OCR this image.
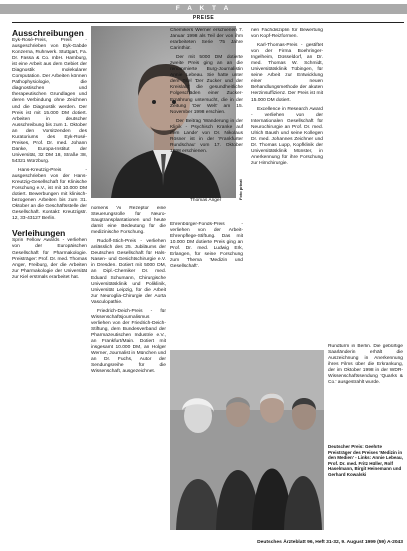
F A K T A
PREISE
Ausschreibungen

Eyk-Rosé-Preis, Preis - ausgeschrieben von Eyk-Gabde Konzerna, Ruhrwerk. Stuttgart, Fa. Dr. Fassa & Co. mbH. Hamburg, ist eine Arbeit aus dem Gebiet der Diagnostik molekularer Computation. Der Arbeiten können Pathophysiologie, die diagnostischen und therapeutischen Grundlagen und deren Verbindung ohne Zeichnen und die Diagnostik werden. Der Preis ist mit 15.000 DM dotiert. Arbeiten in deutscher Ausschreibung bis zum 1. Oktober an den Vorsitzenden des Kuratoriums des Eyk-Rosé-Preises, Prof. Dr. med. Johann Danke, Europa-Institut der Universität, 32 DM 18, Straße 38, 54321 Würzburg.

Hans-Kreutzig-Preis - ausgeschrieben von der Hans-Kreutzig-Gesellschaft für Klinische Forschung e.V., ist mit 10.000 DM dotiert. Bewerbungen mit klinisch-bezogenen Arbeiten bis zum 31. Oktober an die Geschäftsstelle der Gesellschaft. Kontakt: Kreutzigstr. 12, 33-43127 Berlin.

Verleihungen

Sprin Fellow Awards - verliehen von der Europäischen Gesellschaft für Pharmakologie. Preisträger: Prof. Dr. med. Thomas Anger, Freiburg, der die Arbeiten zur Pharmakologie der Universität zur Kiel erstmals erarbeitet hat.

Thomas Anger
Foto privat

nomens 'Ai Rezeptor eine Steuerungsrolle für Neuro-Saugtransplantationen und heute damit eine Bedeutung für die medizinische Forschung.

Rudolf-Stich-Preis - verliehen anlässlich des 25. Jubiläums der Deutschen Gesellschaft für Hals-Nasen- und Gesichtschirurgie e.V. in Dresden. Dotiert mit 5000 DM, an Dipl.-Chemiker Dr. med. Eduard Schumann, Chirurgische Universitätsklinik und Poliklinik, Universität Leipzig, für die Arbeit zur Neuroglia-Chirurgie der Aorta Vasculopathie.

Friedrich-Deich-Preis - für Wissenschaftsjournalismus verliehen von der Friedrich-Deich-Stiftung, dem Bundesverband der Pharmazeutischen Industrie e.V., an Frankfurt/Main. Dotiert mit insgesamt 10.000 DM, an Holger Werner, Journalist in München und an Dr. Fuchs, Autor der Sendungsreihe für die Wissenschaft, ausgezeichnet.

Chemikers Werner erschienen 7. Januar 1998 als Teil der von ihm erarbeiteten Serie '75 Jahre Carinthia'.

Der mit 5000 DM dotierte zweite Preis ging an an die renommierte Burg-Journalistin Annie Lebeau. Sie hatte unter dem Titel 'Der Zucker und der Kreislauf' die gesundheitliche Folgeschäden einer Zucker-Ernährung untersucht, die in der Zeitung 'Der Welt' am 15. November 1998 erschien.

Der Beitrag 'Wanderung in der Klinik - Psychisch Kranke auf dem Lande' von Dr. Nikolaus Rösner ist in der 'Frankfurter Rundschau' vom 17. Oktober 1998 erschienen.

Ehrenbürger-Fonds-Preis - verliehen von der Arbeit-Ehrenpflege-Stiftung. Das mit 10.000 DM dotierte Preis ging an Prof. Dr. med. Ludwig Erk, Erlangen, für seine Forschung zum Thema 'Medizin und Gesellschaft'.

nen Fachdisziplin für Bewertung von Kopf-Reizformen.

Karl-Thomas-Preis - gestiftet von der Firma Boehringer-Ingelheim, Düsseldorf, an Dr. med. Thomas W. Schmidt, Universitätsklinik Tübingen, für seine Arbeit zur Entwicklung einer neuen Behandlungsmethode der akuten Herzinsuffizienz. Der Preis ist mit 15.000 DM dotiert.

Excellence in Research Award - verliehen von der Internationalen Gesellschaft für Neurochirurgie an Prof. Dr. med. Ulrich Baush und seine Kollegen Dr. med. Johannes Zeichner und Dr. Thomas Lupp, Kopfklinik der Universitätsklinik Münster, in Anerkennung für ihre Forschung zur Hirnchirurgie.

Rundturm in Berlin. Die gebürtige Saarländerin erhält die Auszeichnung in Anerkennung ihres Films über die Erkrankung, der im Oktober 1998 in der WDR-Wissenschaftssendung 'Quarks & Co.' ausgestrahlt wurde.

Deutscher Preis: Geehrte Preisträger des Preises 'Medizin in den Medien' - Links: Annie Lebeau, Prof. Dr. med. Fritz Hüller, Rolf Haselmann, Birgit Heinemann und Gerhard Kowalski
Deutsches Ärzteblatt 96, Heft 31-32, 9. August 1999 (59) A-2043
